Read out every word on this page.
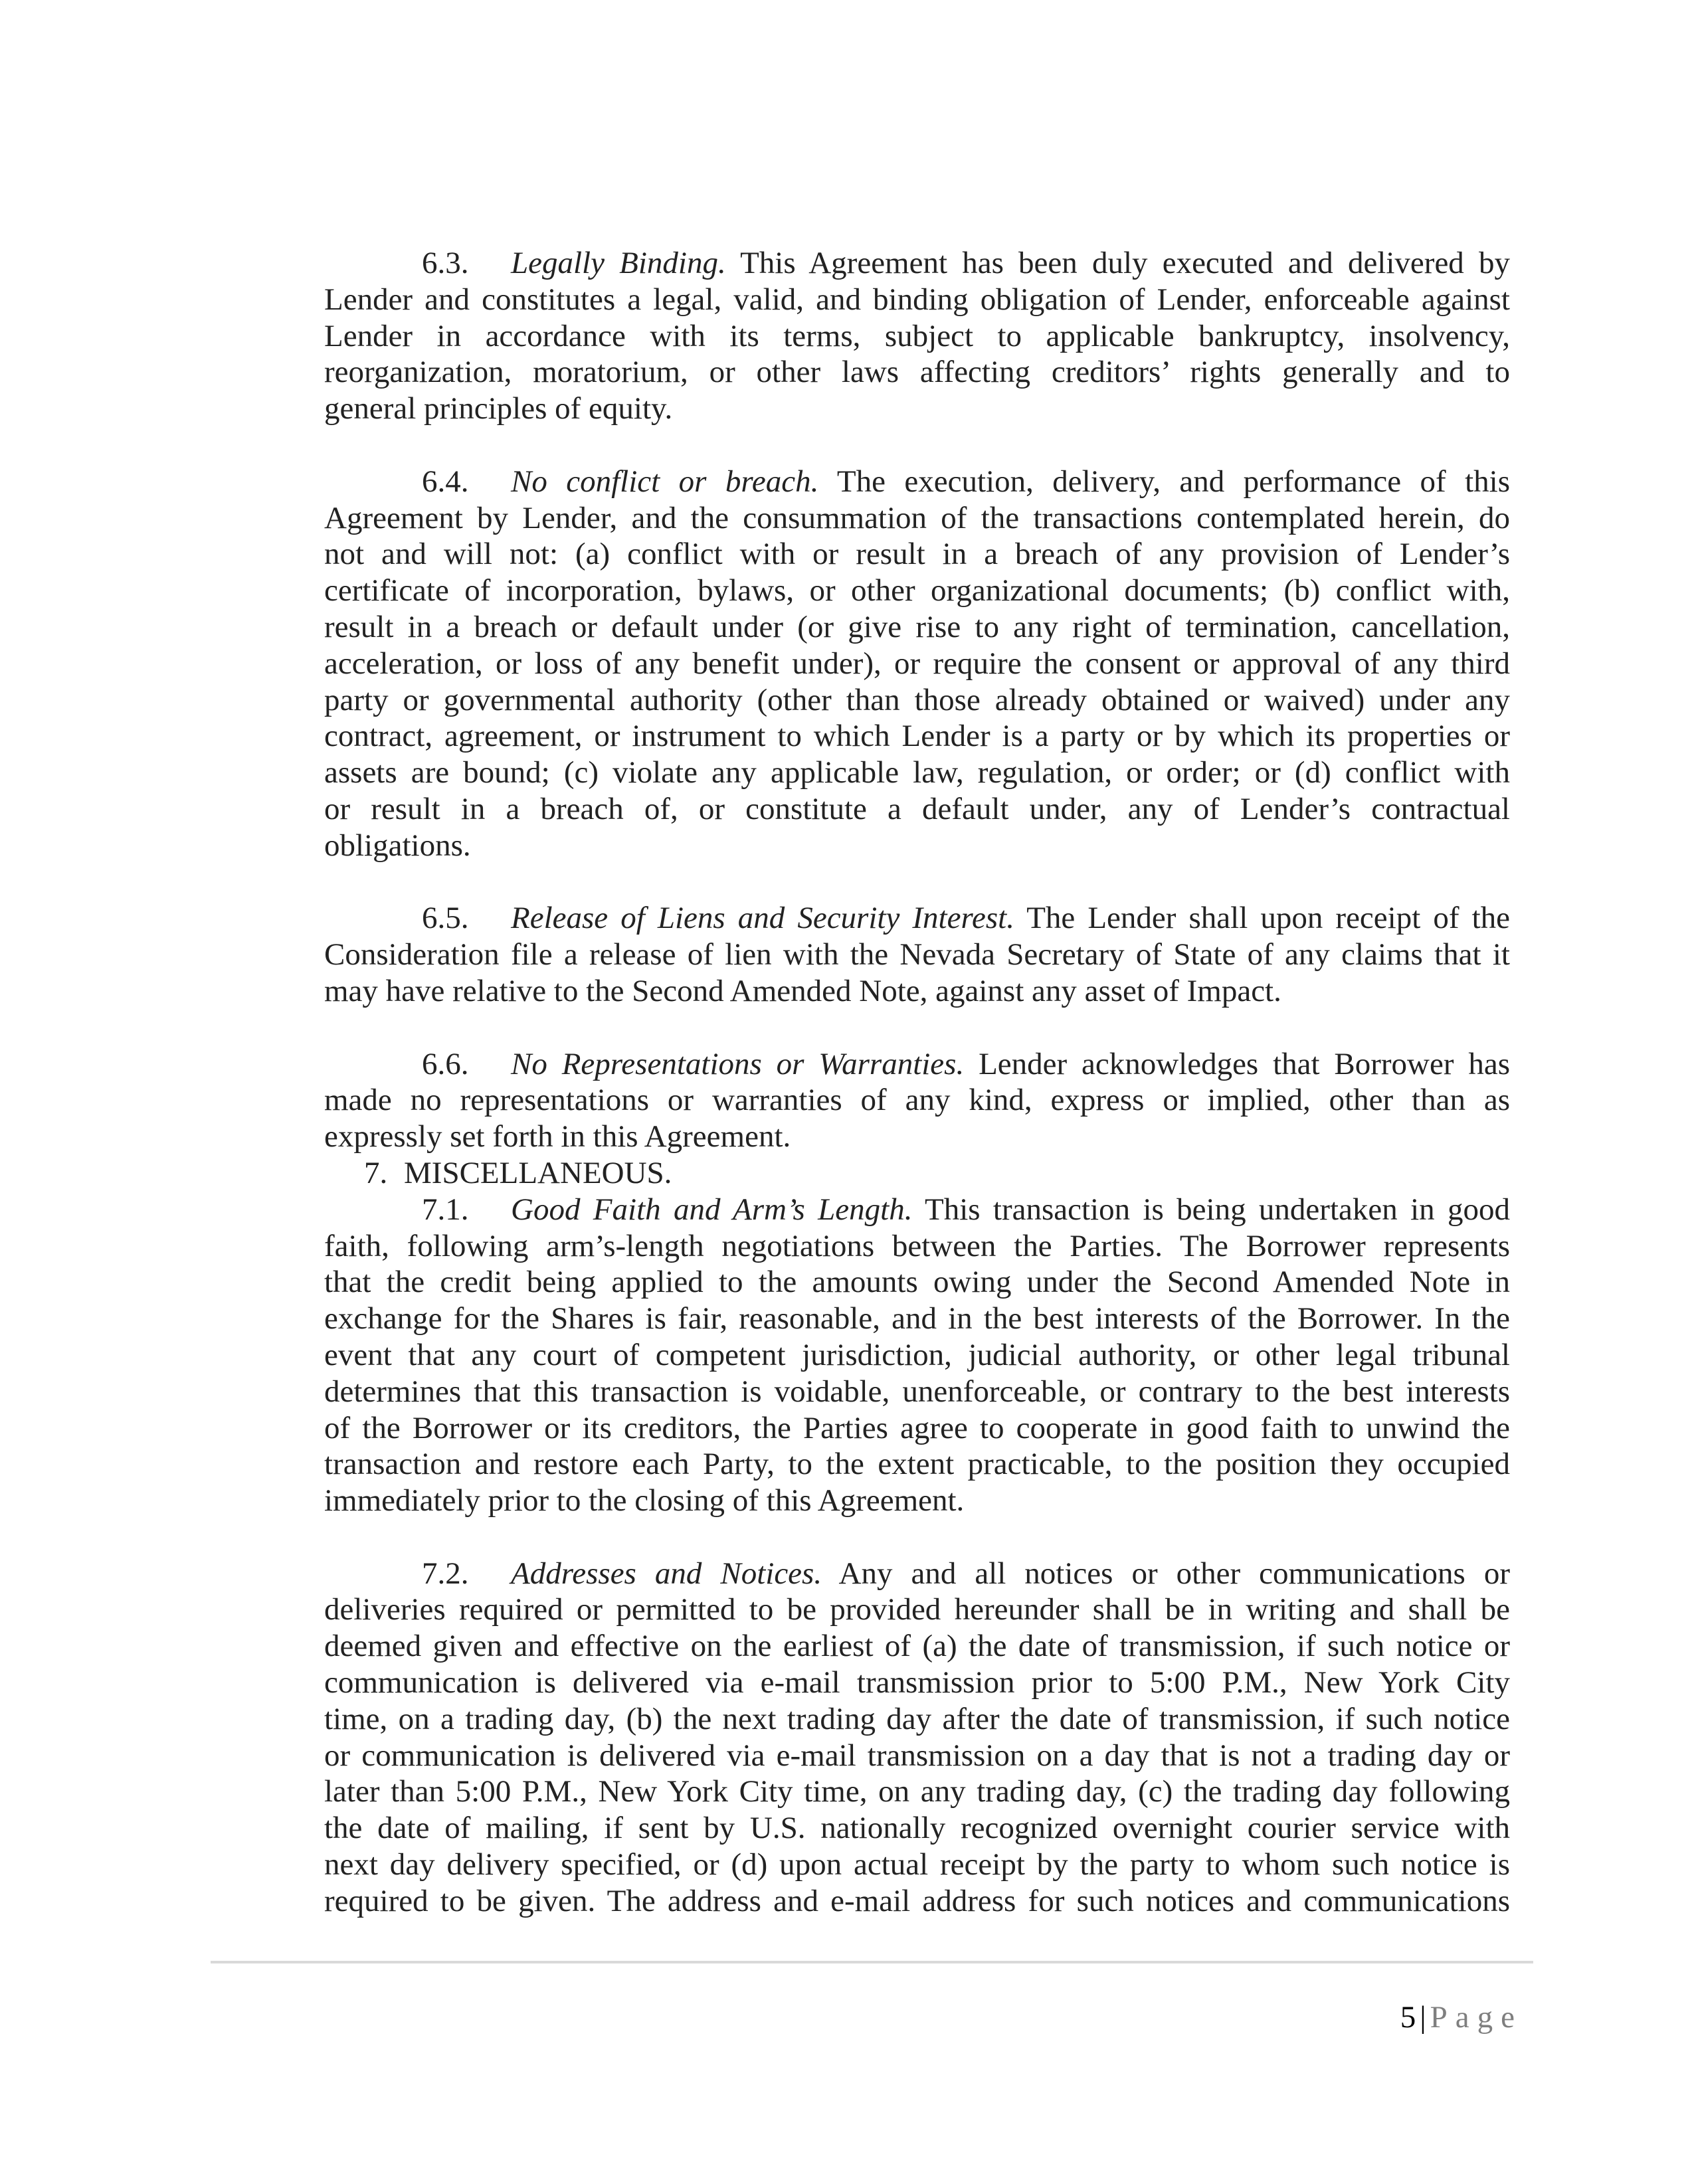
6.3. Legally Binding. This Agreement has been duly executed and delivered by
Lender and constitutes a legal, valid, and binding obligation of Lender, enforceable against
Lender in accordance with its terms, subject to applicable bankruptcy, insolvency,
reorganization, moratorium, or other laws affecting creditors’ rights generally and to
general principles of equity.
6.4. No conflict or breach. The execution, delivery, and performance of this
Agreement by Lender, and the consummation of the transactions contemplated herein, do
not and will not: (a) conflict with or result in a breach of any provision of Lender’s
certificate of incorporation, bylaws, or other organizational documents; (b) conflict with,
result in a breach or default under (or give rise to any right of termination, cancellation,
acceleration, or loss of any benefit under), or require the consent or approval of any third
party or governmental authority (other than those already obtained or waived) under any
contract, agreement, or instrument to which Lender is a party or by which its properties or
assets are bound; (c) violate any applicable law, regulation, or order; or (d) conflict with
or result in a breach of, or constitute a default under, any of Lender’s contractual
obligations.
6.5. Release of Liens and Security Interest. The Lender shall upon receipt of the
Consideration file a release of lien with the Nevada Secretary of State of any claims that it
may have relative to the Second Amended Note, against any asset of Impact.
6.6. No Representations or Warranties. Lender acknowledges that Borrower has
made no representations or warranties of any kind, express or implied, other than as
expressly set forth in this Agreement.
7. MISCELLANEOUS.
7.1. Good Faith and Arm’s Length. This transaction is being undertaken in good
faith, following arm’s-length negotiations between the Parties. The Borrower represents
that the credit being applied to the amounts owing under the Second Amended Note in
exchange for the Shares is fair, reasonable, and in the best interests of the Borrower. In the
event that any court of competent jurisdiction, judicial authority, or other legal tribunal
determines that this transaction is voidable, unenforceable, or contrary to the best interests
of the Borrower or its creditors, the Parties agree to cooperate in good faith to unwind the
transaction and restore each Party, to the extent practicable, to the position they occupied
immediately prior to the closing of this Agreement.
7.2. Addresses and Notices. Any and all notices or other communications or
deliveries required or permitted to be provided hereunder shall be in writing and shall be
deemed given and effective on the earliest of (a) the date of transmission, if such notice or
communication is delivered via e-mail transmission prior to 5:00 P.M., New York City
time, on a trading day, (b) the next trading day after the date of transmission, if such notice
or communication is delivered via e-mail transmission on a day that is not a trading day or
later than 5:00 P.M., New York City time, on any trading day, (c) the trading day following
the date of mailing, if sent by U.S. nationally recognized overnight courier service with
next day delivery specified, or (d) upon actual receipt by the party to whom such notice is
required to be given. The address and e-mail address for such notices and communications
5 | Page
